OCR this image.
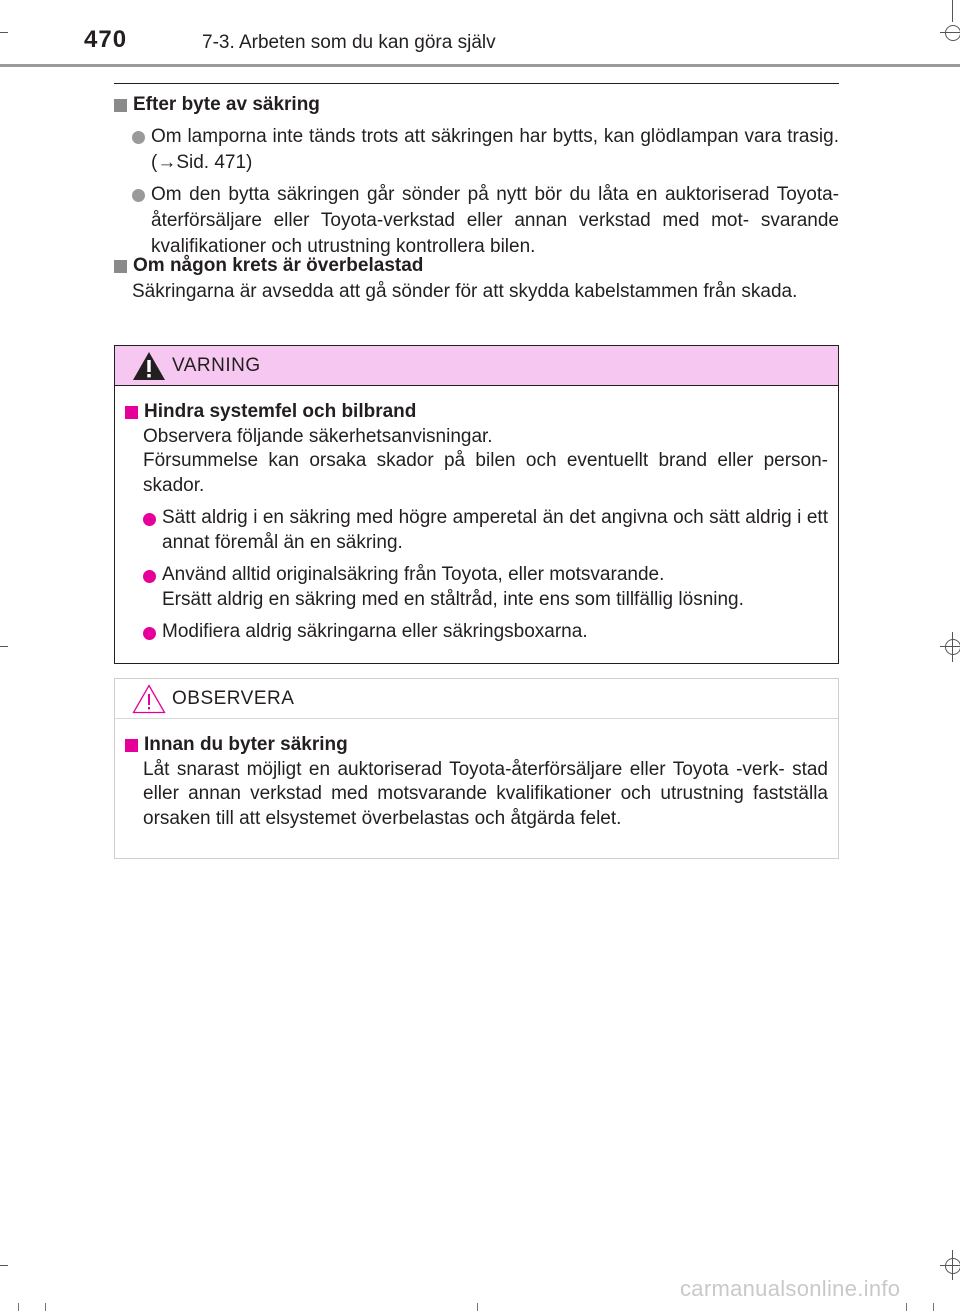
470	7-3. Arbeten som du kan göra själv
Efter byte av säkring
Om lamporna inte tänds trots att säkringen har bytts, kan glödlampan vara trasig. (→Sid. 471)
Om den bytta säkringen går sönder på nytt bör du låta en auktoriserad Toyota-återförsäljare eller Toyota-verkstad eller annan verkstad med mot- svarande kvalifikationer och utrustning kontrollera bilen.
Om någon krets är överbelastad
Säkringarna är avsedda att gå sönder för att skydda kabelstammen från skada.
VARNING
Hindra systemfel och bilbrand
Observera följande säkerhetsanvisningar.
Försummelse kan orsaka skador på bilen och eventuellt brand eller person- skador.
Sätt aldrig i en säkring med högre amperetal än det angivna och sätt aldrig i ett annat föremål än en säkring.
Använd alltid originalsäkring från Toyota, eller motsvarande.
Ersätt aldrig en säkring med en ståltråd, inte ens som tillfällig lösning.
Modifiera aldrig säkringarna eller säkringsboxarna.
OBSERVERA
Innan du byter säkring
Låt snarast möjligt en auktoriserad Toyota-återförsäljare eller Toyota -verk- stad eller annan verkstad med motsvarande kvalifikationer och utrustning fastställa orsaken till att elsystemet överbelastas och åtgärda felet.
carmanualsonline.info
